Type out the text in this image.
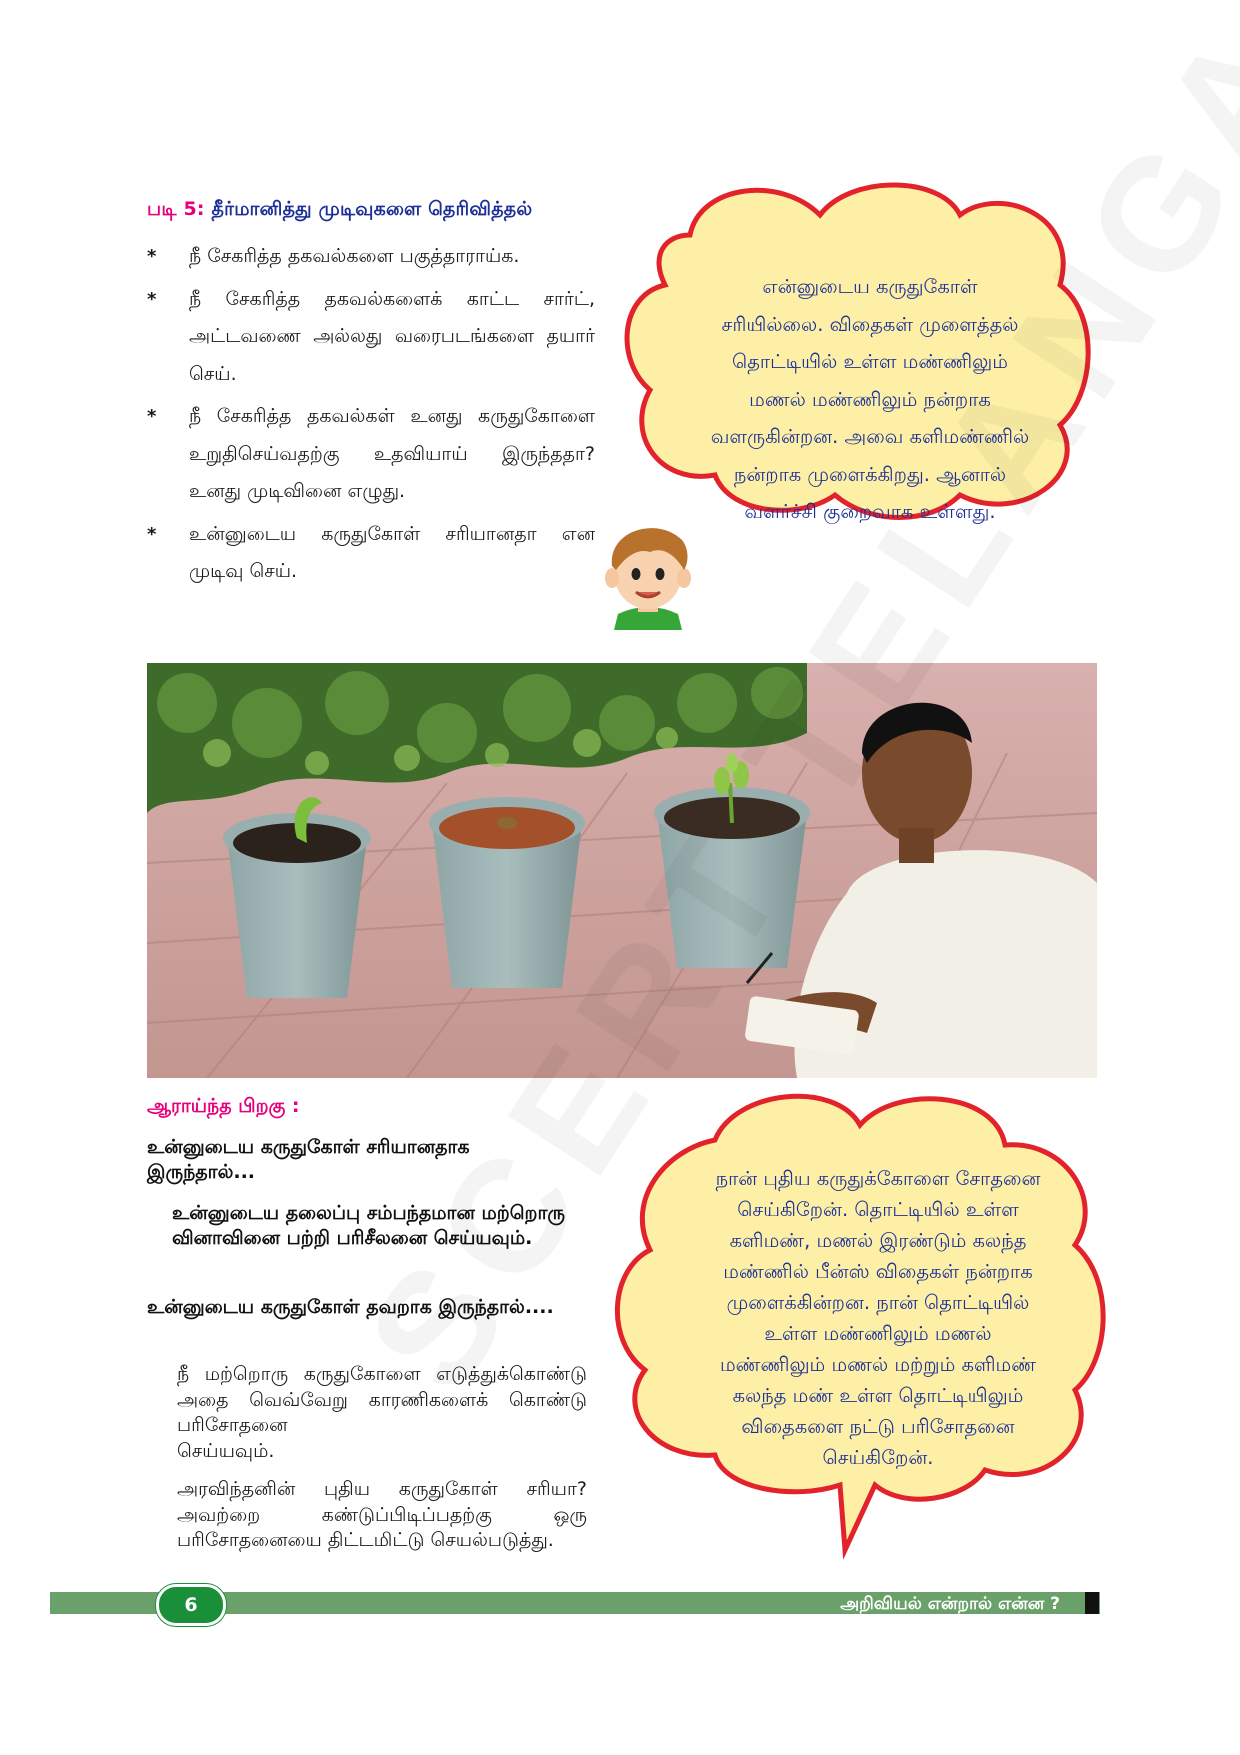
படி 5: தீர்மானித்து முடிவுகளை தெரிவித்தல்
* நீ சேகரித்த தகவல்களை பகுத்தாராய்க.
* நீ சேகரித்த தகவல்களைக் காட்ட சார்ட், அட்டவணை அல்லது வரைபடங்களை தயார் செய்.
* நீ சேகரித்த தகவல்கள் உனது கருதுகோளை உறுதிசெய்வதற்கு உதவியாய் இருந்ததா? உனது முடிவினை எழுது.
* உன்னுடைய கருதுகோள் சரியானதா என முடிவு செய்.
என்னுடைய கருதுகோள்
சரியில்லை. விதைகள் முளைத்தல்
தொட்டியில் உள்ள மண்ணிலும்
மணல் மண்ணிலும் நன்றாக
வளருகின்றன. அவை களிமண்ணில்
நன்றாக முளைக்கிறது. ஆனால்
வளர்ச்சி குறைவாக உள்ளது.
ஆராய்ந்த பிறகு :
உன்னுடைய கருதுகோள் சரியானதாக இருந்தால்...
உன்னுடைய தலைப்பு சம்பந்தமான மற்றொரு வினாவினை பற்றி பரிசீலனை செய்யவும்.
உன்னுடைய கருதுகோள் தவறாக இருந்தால்....
நீ மற்றொரு கருதுகோளை எடுத்துக்கொண்டு அதை வெவ்வேறு காரணிகளைக் கொண்டு பரிசோதனை
செய்யவும்.
அரவிந்தனின் புதிய கருதுகோள் சரியா? அவற்றை கண்டுப்பிடிப்பதற்கு ஒரு
பரிசோதனையை திட்டமிட்டு செயல்படுத்து.
நான் புதிய கருதுக்கோளை சோதனை
செய்கிறேன். தொட்டியில் உள்ள
களிமண், மணல் இரண்டும் கலந்த
மண்ணில் பீன்ஸ் விதைகள் நன்றாக
முளைக்கின்றன. நான் தொட்டியில்
உள்ள மண்ணிலும் மணல்
மண்ணிலும் மணல் மற்றும் களிமண்
கலந்த மண் உள்ள தொட்டியிலும்
விதைகளை நட்டு பரிசோதனை
செய்கிறேன்.
6	அறிவியல் என்றால் என்ன ?
